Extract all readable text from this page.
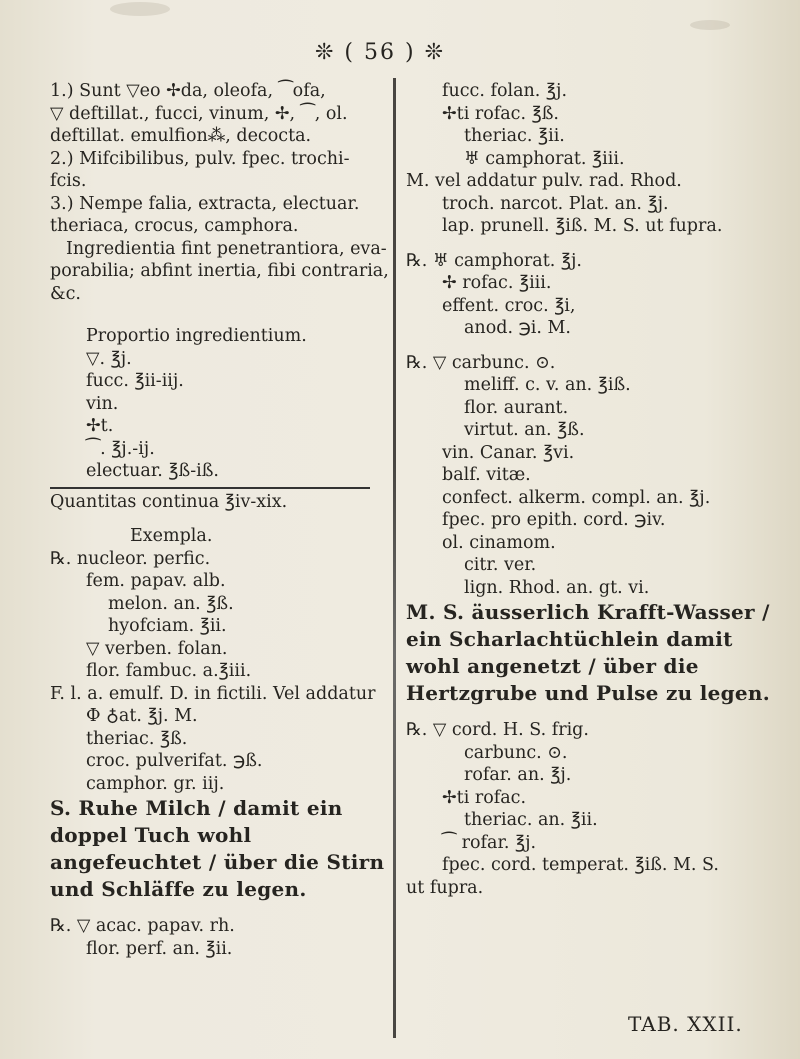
❊ ( 56 ) ❊
1.) Sunt ▽eo ✢da, oleofa, ⁀ofa,
▽ deftillat., fucci, vinum, ✢, ⁀, ol.
deftillat. emulfion⁂, decocta.
2.) Mifcibilibus, pulv. fpec. trochi-
fcis.
3.) Nempe falia, extracta, electuar.
theriaca, crocus, camphora.
Ingredientia fint penetrantiora, eva-
porabilia; abfint inertia, fibi contraria,
&c.
Proportio ingredientium.
▽. ℥j.
fucc. ℥ii-iij.
vin.
✢t.
⁀. ℥j.-ij.
electuar. ℥ß-iß.
Quantitas continua ℥iv-xix.
Exempla.
℞. nucleor. perfic.
fem. papav. alb.
melon. an. ℥ß.
hyofciam. ℥ii.
▽ verben. folan.
flor. fambuc. a.℥iii.
F. l. a. emulf. D. in fictili. Vel addatur
Ф ♁at. ℥j. M.
theriac. ℥ß.
croc. pulverifat. ℈ß.
camphor. gr. iij.
S. Ruhe Milch / damit ein doppel Tuch wohl angefeuchtet / über die Stirn und Schläffe zu legen.
℞. ▽ acac. papav. rh.
flor. perf. an. ℥ii.
fucc. folan. ℥j.
✢ti rofac. ℥ß.
theriac. ℥ii.
♅ camphorat. ℥iii.
M. vel addatur pulv. rad. Rhod.
troch. narcot. Plat. an. ℥j.
lap. prunell. ℥iß. M. S. ut fupra.
℞. ♅ camphorat. ℥j.
✢ rofac. ℥iii.
effent. croc. ℥i,
anod. ℈i. M.
℞. ▽ carbunc. ⊙.
meliff. c. v. an. ℥iß.
flor. aurant.
virtut. an. ℥ß.
vin. Canar. ℥vi.
balf. vitæ.
confect. alkerm. compl. an. ℥j.
fpec. pro epith. cord. ℈iv.
ol. cinamom.
citr. ver.
lign. Rhod. an. gt. vi.
M. S. äusserlich Krafft-Wasser / ein Scharlachtüchlein damit wohl angenetzt / über die Hertzgrube und Pulse zu legen.
℞. ▽ cord. H. S. frig.
carbunc. ⊙.
rofar. an. ℥j.
✢ti rofac.
theriac. an. ℥ii.
⁀ rofar. ℥j.
fpec. cord. temperat. ℥iß. M. S.
ut fupra.
TAB. XXII.
